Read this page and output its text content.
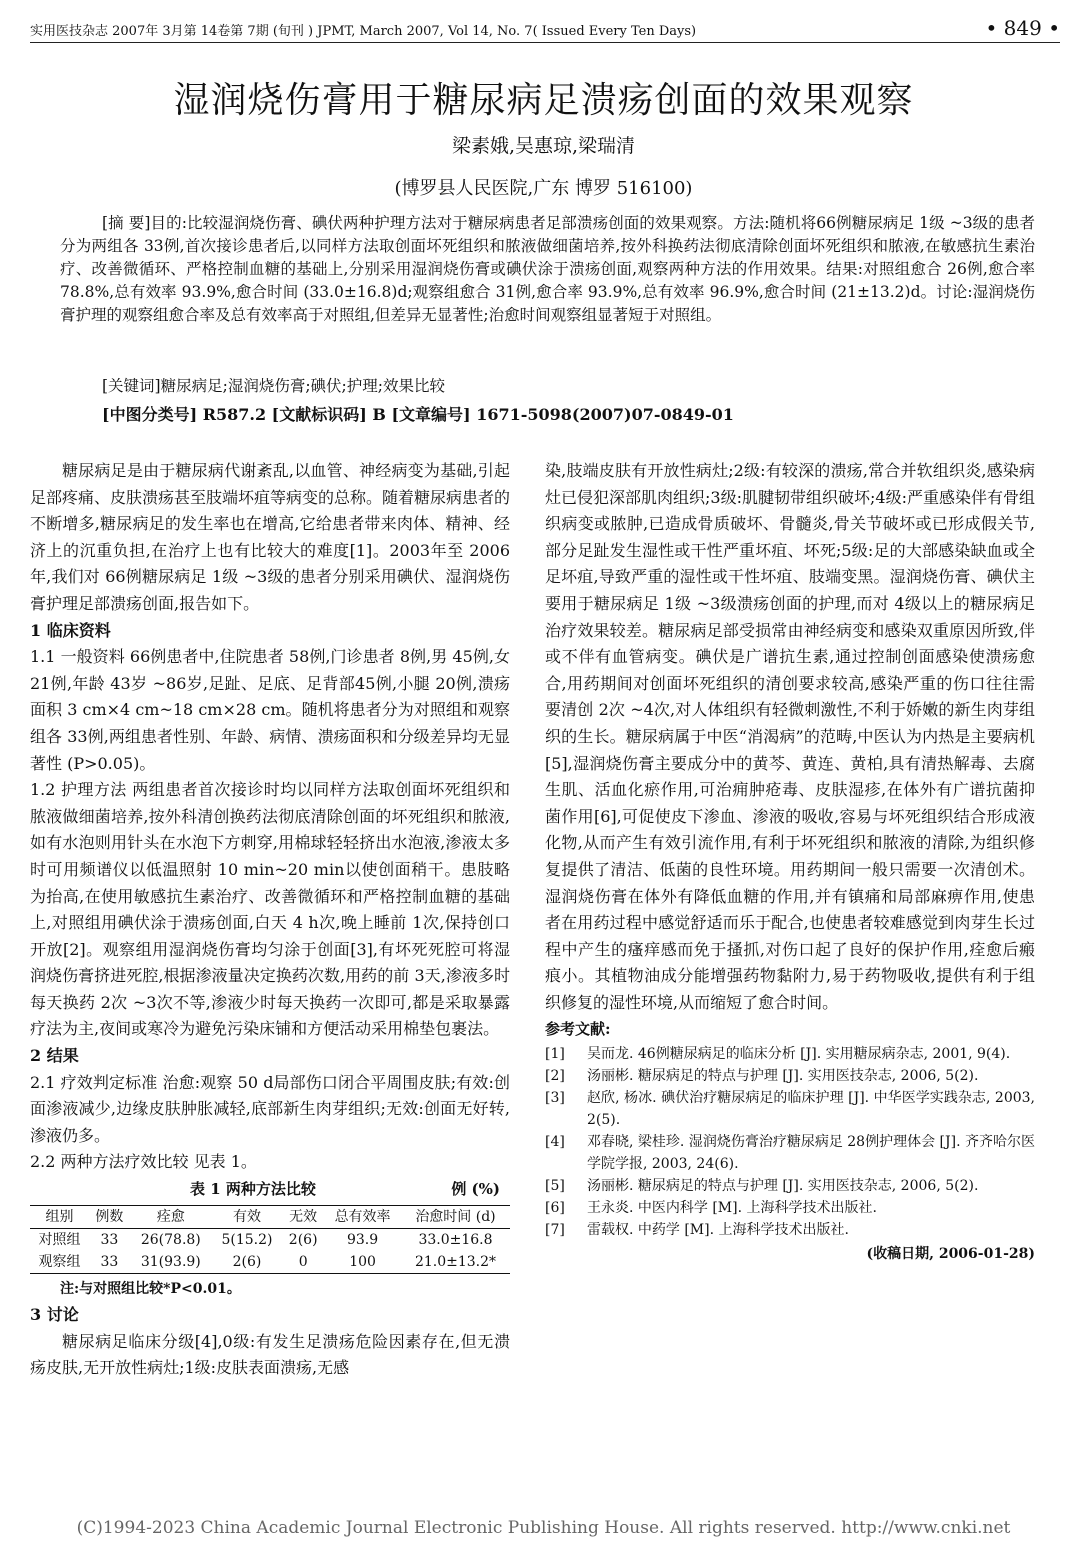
实用医技杂志 2007年 3月第 14卷第 7期 (旬刊 ) JPMT, March 2007, Vol 14, No. 7( Issued Every Ten Days)	• 849 •
湿润烧伤膏用于糖尿病足溃疡创面的效果观察
梁素娥,吴惠琼,梁瑞清
(博罗县人民医院,广东 博罗 516100)

[摘 要]目的:比较湿润烧伤膏、碘伏两种护理方法对于糖尿病患者足部溃疡创面的效果观察。方法:随机将66例糖尿病足 1级 ~3级的患者分为两组各 33例,首次接诊患者后,以同样方法取创面坏死组织和脓液做细菌培养,按外科换药法彻底清除创面坏死组织和脓液,在敏感抗生素治疗、改善微循环、严格控制血糖的基础上,分别采用湿润烧伤膏或碘伏涂于溃疡创面,观察两种方法的作用效果。结果:对照组愈合 26例,愈合率 78.8%,总有效率 93.9%,愈合时间 (33.0±16.8)d;观察组愈合 31例,愈合率 93.9%,总有效率 96.9%,愈合时间 (21±13.2)d。讨论:湿润烧伤膏护理的观察组愈合率及总有效率高于对照组,但差异无显著性;治愈时间观察组显著短于对照组。

[关键词]糖尿病足;湿润烧伤膏;碘伏;护理;效果比较
[中图分类号] R587.2 [文献标识码] B [文章编号] 1671-5098(2007)07-0849-01

糖尿病足是由于糖尿病代谢紊乱,以血管、神经病变为基础,引起足部疼痛、皮肤溃疡甚至肢端坏疽等病变的总称。随着糖尿病患者的不断增多,糖尿病足的发生率也在增高,它给患者带来肉体、精神、经济上的沉重负担,在治疗上也有比较大的难度[1]。2003年至 2006年,我们对 66例糖尿病足 1级 ~3级的患者分别采用碘伏、湿润烧伤膏护理足部溃疡创面,报告如下。

1 临床资料

1.1 一般资料 66例患者中,住院患者 58例,门诊患者 8例,男 45例,女 21例,年龄 43岁 ~86岁,足趾、足底、足背部45例,小腿 20例,溃疡面积 3 cm×4 cm~18 cm×28 cm。随机将患者分为对照组和观察组各 33例,两组患者性别、年龄、病情、溃疡面积和分级差异均无显著性 (P>0.05)。

1.2 护理方法 两组患者首次接诊时均以同样方法取创面坏死组织和脓液做细菌培养,按外科清创换药法彻底清除创面的坏死组织和脓液,如有水泡则用针头在水泡下方刺穿,用棉球轻轻挤出水泡液,渗液太多时可用频谱仪以低温照射 10 min~20 min以使创面稍干。患肢略为抬高,在使用敏感抗生素治疗、改善微循环和严格控制血糖的基础上,对照组用碘伏涂于溃疡创面,白天 4 h次,晚上睡前 1次,保持创口开放[2]。观察组用湿润烧伤膏均匀涂于创面[3],有坏死死腔可将湿润烧伤膏挤进死腔,根据渗液量决定换药次数,用药的前 3天,渗液多时每天换药 2次 ~3次不等,渗液少时每天换药一次即可,都是采取暴露疗法为主,夜间或寒冷为避免污染床铺和方便活动采用棉垫包裹法。

2 结果

2.1 疗效判定标准 治愈:观察 50 d局部伤口闭合平周围皮肤;有效:创面渗液减少,边缘皮肤肿胀减轻,底部新生肉芽组织;无效:创面无好转,渗液仍多。

2.2 两种方法疗效比较 见表 1。

表 1 两种方法比较	例 (%)
组别	例数	痊愈	有效	无效	总有效率	治愈时间 (d)
对照组	33	26(78.8)	5(15.2)	2(6)	93.9	33.0±16.8
观察组	33	31(93.9)	2(6)	0	100	21.0±13.2*

注:与对照组比较*P<0.01。

3 讨论

糖尿病足临床分级[4],0级:有发生足溃疡危险因素存在,但无溃疡皮肤,无开放性病灶;1级:皮肤表面溃疡,无感

染,肢端皮肤有开放性病灶;2级:有较深的溃疡,常合并软组织炎,感染病灶已侵犯深部肌肉组织;3级:肌腱韧带组织破坏;4级:严重感染伴有骨组织病变或脓肿,已造成骨质破坏、骨髓炎,骨关节破坏或已形成假关节,部分足趾发生湿性或干性严重坏疽、坏死;5级:足的大部感染缺血或全足坏疽,导致严重的湿性或干性坏疽、肢端变黑。湿润烧伤膏、碘伏主要用于糖尿病足 1级 ~3级溃疡创面的护理,而对 4级以上的糖尿病足治疗效果较差。糖尿病足部受损常由神经病变和感染双重原因所致,伴或不伴有血管病变。碘伏是广谱抗生素,通过控制创面感染使溃疡愈合,用药期间对创面坏死组织的清创要求较高,感染严重的伤口往往需要清创 2次 ~4次,对人体组织有轻微刺激性,不利于娇嫩的新生肉芽组织的生长。糖尿病属于中医“消渴病”的范畴,中医认为内热是主要病机[5],湿润烧伤膏主要成分中的黄芩、黄连、黄柏,具有清热解毒、去腐生肌、活血化瘀作用,可治痈肿疮毒、皮肤湿疹,在体外有广谱抗菌抑菌作用[6],可促使皮下渗血、渗液的吸收,容易与坏死组织结合形成液化物,从而产生有效引流作用,有利于坏死组织和脓液的清除,为组织修复提供了清洁、低菌的良性环境。用药期间一般只需要一次清创术。湿润烧伤膏在体外有降低血糖的作用,并有镇痛和局部麻痹作用,使患者在用药过程中感觉舒适而乐于配合,也使患者较难感觉到肉芽生长过程中产生的瘙痒感而免于搔抓,对伤口起了良好的保护作用,痊愈后瘢痕小。其植物油成分能增强药物黏附力,易于药物吸收,提供有利于组织修复的湿性环境,从而缩短了愈合时间。

参考文献:

[1]	吴而龙. 46例糖尿病足的临床分析 [J]. 实用糖尿病杂志, 2001, 9(4).
[2]	汤丽彬. 糖尿病足的特点与护理 [J]. 实用医技杂志, 2006, 5(2).
[3]	赵欣, 杨冰. 碘伏治疗糖尿病足的临床护理 [J]. 中华医学实践杂志, 2003, 2(5).
[4]	邓春晓, 梁桂珍. 湿润烧伤膏治疗糖尿病足 28例护理体会 [J]. 齐齐哈尔医学院学报, 2003, 24(6).
[5]	汤丽彬. 糖尿病足的特点与护理 [J]. 实用医技杂志, 2006, 5(2).
[6]	王永炎. 中医内科学 [M]. 上海科学技术出版社.
[7]	雷载权. 中药学 [M]. 上海科学技术出版社.

(收稿日期, 2006-01-28)

(C)1994-2023 China Academic Journal Electronic Publishing House. All rights reserved. http://www.cnki.net
